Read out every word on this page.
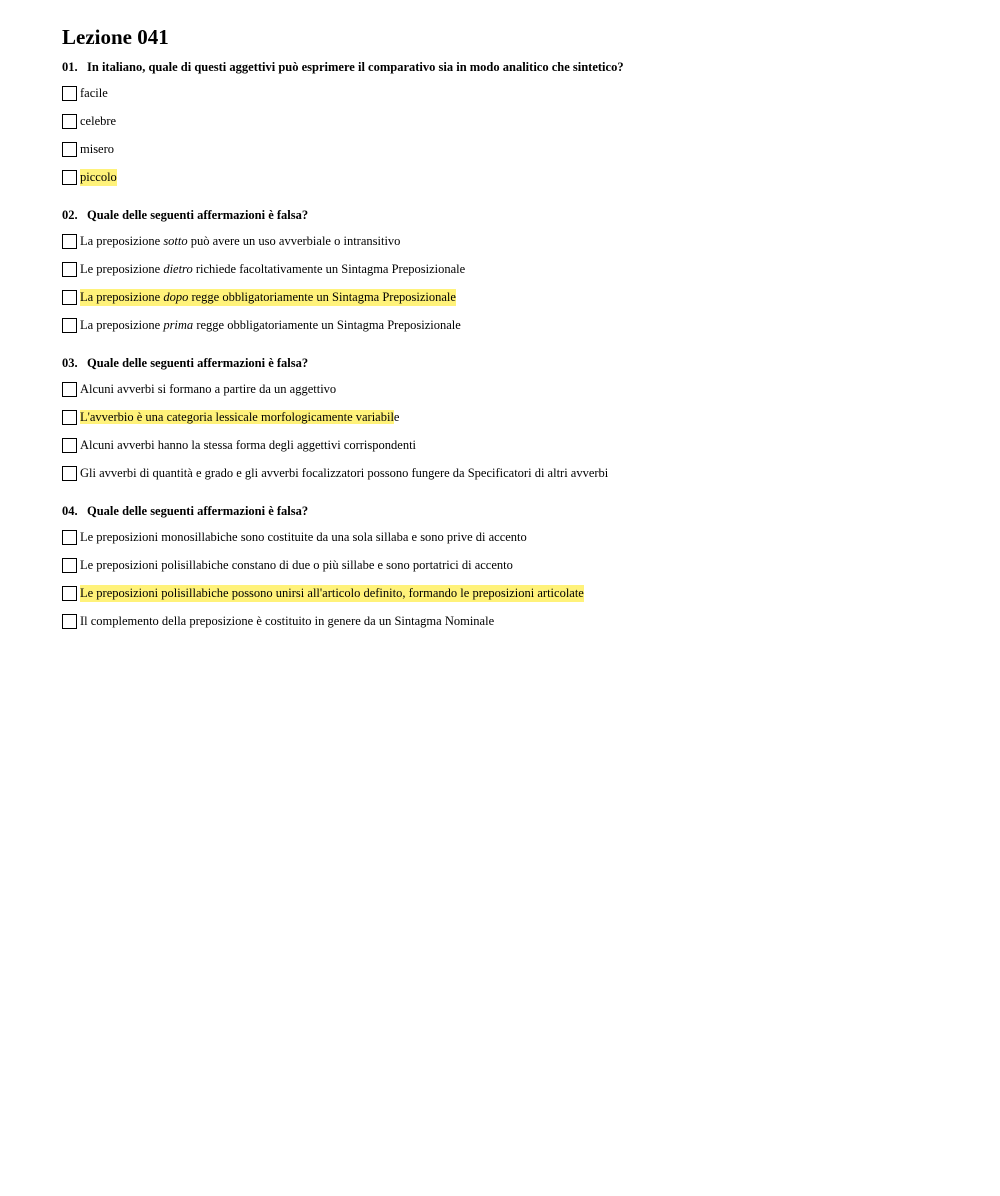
Lezione 041
01. In italiano, quale di questi aggettivi può esprimere il comparativo sia in modo analitico che sintetico?
facile
celebre
misero
piccolo
02. Quale delle seguenti affermazioni è falsa?
La preposizione sotto può avere un uso avverbiale o intransitivo
Le preposizione dietro richiede facoltativamente un Sintagma Preposizionale
La preposizione dopo regge obbligatoriamente un Sintagma Preposizionale
La preposizione prima regge obbligatoriamente un Sintagma Preposizionale
03. Quale delle seguenti affermazioni è falsa?
Alcuni avverbi si formano a partire da un aggettivo
L'avverbio è una categoria lessicale morfologicamente variabile
Alcuni avverbi hanno la stessa forma degli aggettivi corrispondenti
Gli avverbi di quantità e grado e gli avverbi focalizzatori possono fungere da Specificatori di altri avverbi
04. Quale delle seguenti affermazioni è falsa?
Le preposizioni monosillabiche sono costituite da una sola sillaba e sono prive di accento
Le preposizioni polisillabiche constano di due o più sillabe e sono portatrici di accento
Le preposizioni polisillabiche possono unirsi all'articolo definito, formando le preposizioni articolate
Il complemento della preposizione è costituito in genere da un Sintagma Nominale
